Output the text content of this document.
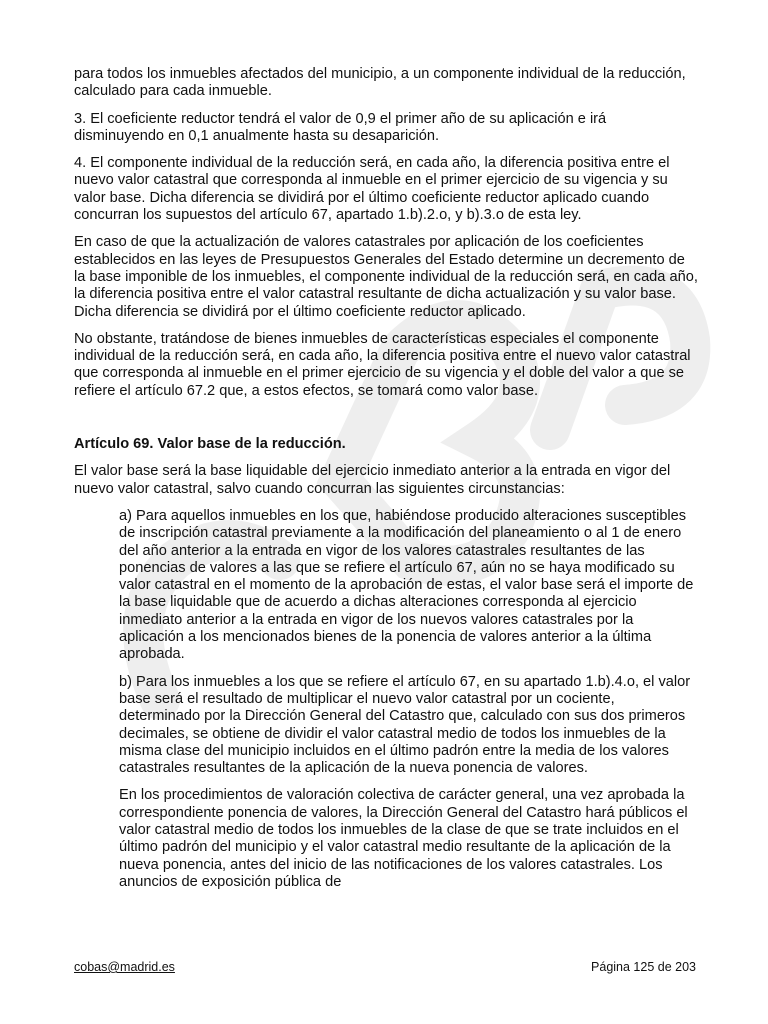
para todos los inmuebles afectados del municipio, a un componente individual de la reducción, calculado para cada inmueble.

3. El coeficiente reductor tendrá el valor de 0,9 el primer año de su aplicación e irá disminuyendo en 0,1 anualmente hasta su desaparición.

4. El componente individual de la reducción será, en cada año, la diferencia positiva entre el nuevo valor catastral que corresponda al inmueble en el primer ejercicio de su vigencia y su valor base. Dicha diferencia se dividirá por el último coeficiente reductor aplicado cuando concurran los supuestos del artículo 67, apartado 1.b).2.o, y b).3.o de esta ley.

En caso de que la actualización de valores catastrales por aplicación de los coeficientes establecidos en las leyes de Presupuestos Generales del Estado determine un decremento de la base imponible de los inmuebles, el componente individual de la reducción será, en cada año, la diferencia positiva entre el valor catastral resultante de dicha actualización y su valor base. Dicha diferencia se dividirá por el último coeficiente reductor aplicado.

No obstante, tratándose de bienes inmuebles de características especiales el componente individual de la reducción será, en cada año, la diferencia positiva entre el nuevo valor catastral que corresponda al inmueble en el primer ejercicio de su vigencia y el doble del valor a que se refiere el artículo 67.2 que, a estos efectos, se tomará como valor base.

Artículo 69. Valor base de la reducción.

El valor base será la base liquidable del ejercicio inmediato anterior a la entrada en vigor del nuevo valor catastral, salvo cuando concurran las siguientes circunstancias:

a) Para aquellos inmuebles en los que, habiéndose producido alteraciones susceptibles de inscripción catastral previamente a la modificación del planeamiento o al 1 de enero del año anterior a la entrada en vigor de los valores catastrales resultantes de las ponencias de valores a las que se refiere el artículo 67, aún no se haya modificado su valor catastral en el momento de la aprobación de estas, el valor base será el importe de la base liquidable que de acuerdo a dichas alteraciones corresponda al ejercicio inmediato anterior a la entrada en vigor de los nuevos valores catastrales por la aplicación a los mencionados bienes de la ponencia de valores anterior a la última aprobada.

b) Para los inmuebles a los que se refiere el artículo 67, en su apartado 1.b).4.o, el valor base será el resultado de multiplicar el nuevo valor catastral por un cociente, determinado por la Dirección General del Catastro que, calculado con sus dos primeros decimales, se obtiene de dividir el valor catastral medio de todos los inmuebles de la misma clase del municipio incluidos en el último padrón entre la media de los valores catastrales resultantes de la aplicación de la nueva ponencia de valores.

En los procedimientos de valoración colectiva de carácter general, una vez aprobada la correspondiente ponencia de valores, la Dirección General del Catastro hará públicos el valor catastral medio de todos los inmuebles de la clase de que se trate incluidos en el último padrón del municipio y el valor catastral medio resultante de la aplicación de la nueva ponencia, antes del inicio de las notificaciones de los valores catastrales. Los anuncios de exposición pública de

cobas@madrid.es	Página 125 de 203
